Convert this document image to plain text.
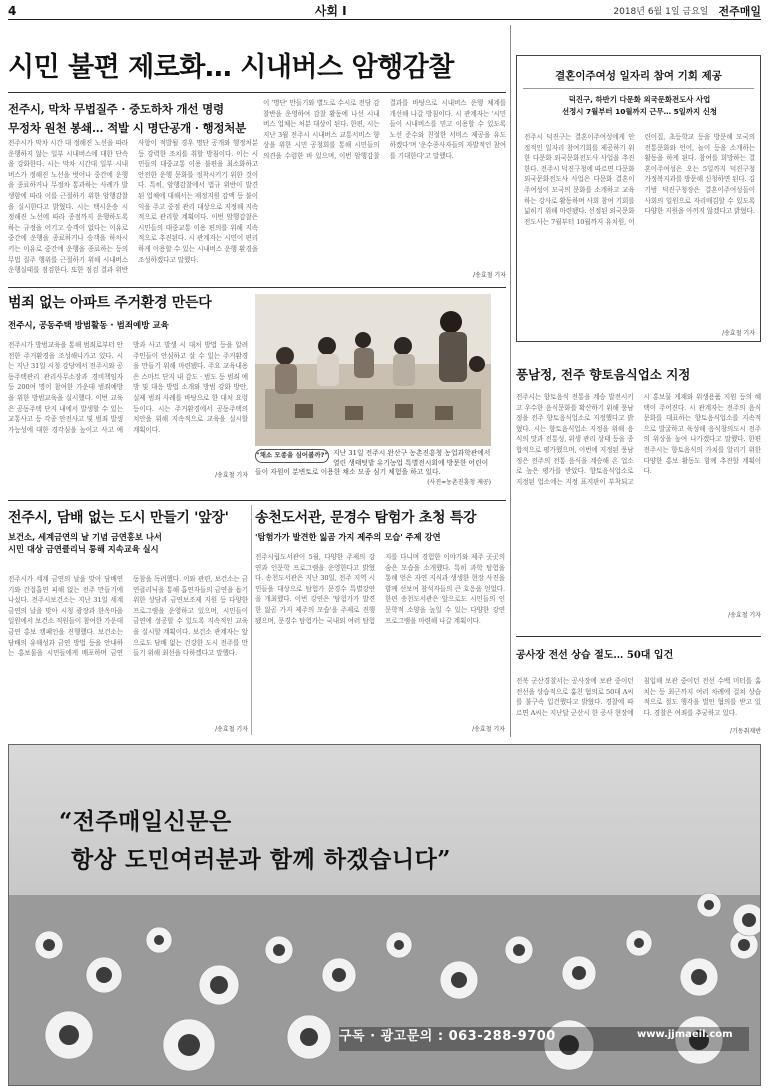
4	사회 Ⅰ	2018년 6월 1일 금요일 전주매일
시민 불편 제로화… 시내버스 암행감찰
전주시, 막차 무법질주 · 중도하차 개선 명령
무정차 원천 봉쇄… 적발 시 명단공개 · 행정처분
전주시가 막차 시간 대 정해진 노선을 따라 운행하지 않는 일부 시내버스에 대한 단속을 강화한다. 시는 막차 시간대 일부 시내버스가 정해진 노선을 벗어나 중간에 운행을 종료하거나 무정차 통과하는 사례가 발생함에 따라 이를 근절하기 위한 암행감찰을 실시한다고 밝혔다. 시는 택시운송 시 정해진 노선에 따라 종점까지 운행하도록 하는 규정을 어기고 승객이 없다는 이유로 중간에 운행을 종료하거나 승객을 하차시키는 이유로 중간에 운행을 종료하는 등의 무법 질주 행위를 근절하기 위해 시내버스 운행실태를 점검한다. 또한 점검 결과 위반 사항이 적발될 경우 명단 공개와 행정처분 등 강력한 조치를 취할 방침이다. 이는 시민들의 대중교통 이용 불편을 최소화하고 안전한 운행 문화를 정착시키기 위한 것이다. 특히, 암행감찰에서 법규 위반이 발견된 업체에 대해서는 재정지원 감액 등 불이익을 주고 중점 관리 대상으로 지정해 지속적으로 관리할 계획이다. 이번 암행감찰은 시민들의 대중교통 이용 편의를 위해 지속적으로 추진된다. 시 관계자는 시민이 편리하게 이용할 수 있는 시내버스 운행 환경을 조성하겠다고 말했다.
이 '명단' 만들기와 별도로 수시로 전담 감찰반을 운영하여 감찰 활동에 나선 시내버스 업체는 처분 대상이 된다. 한편, 시는 지난 3월 전주시 시내버스 교통서비스 향상을 위한 시민 공청회를 통해 시민들의 의견을 수렴한 바 있으며, 이번 암행감찰 결과를 바탕으로 시내버스 운행 체계를 개선해 나갈 방침이다. 시 관계자는 '시민들이 시내버스를 믿고 이용할 수 있도록 노선 준수와 친절한 서비스 제공을 유도하겠다'며 '운수종사자들의 자발적인 참여를 기대한다'고 말했다.
/송효철 기자
범죄 없는 아파트 주거환경 만든다
전주시, 공동주택 방범활동 · 범죄예방 교육
전주시가 방범교육을 통해 범죄로부터 안전한 주거환경을 조성해나가고 있다. 시는 지난 31일 시청 강당에서 전주시와 공동주택관리 관리사무소장과 경비책임자 등 200여 명이 참여한 가운데 범죄예방을 위한 방범교육을 실시했다. 이번 교육은 공동주택 단지 내에서 발생할 수 있는 교통사고 등 각종 안전사고 및 범죄 발생 가능성에 대한 경각심을 높이고 사고 예방과 사고 발생 시 대처 방법 등을 알려 주민들이 안심하고 살 수 있는 주거환경을 만들기 위해 마련됐다. 주요 교육내용은 스마트 단지 내 감도 · 범도 등 범죄 예방 및 대응 방법 소개와 방범 강화 방안, 실제 범죄 사례를 바탕으로 한 대처 요령 등이다. 시는 주거환경에서 공동주택의 치안을 위해 지속적으로 교육을 실시할 계획이다.
/송효철 기자
"채소 모종을 심어볼까?" 지난 31일 전주시 완산구 농촌진흥청 농업과학관에서 열린 생태텃밭 유기농업 특별전시회에 방문한 어린이들이 자원이 분변토로 이용한 채소 모종 심기 체험을 하고 있다.
(사진=농촌진흥청 제공)
전주시, 담배 없는 도시 만들기 '앞장'
보건소, 세계금연의 날 기념 금연홍보 나서
시민 대상 금연클리닉 통해 지속교육 실시
전주시가 세계 금연의 날을 맞아 담배연기와 간접흡연 피해 없는 전주 만들기에 나섰다. 전주시보건소는 지난 31일 세계 금연의 날을 맞아 시청 광장과 한옥마을 일원에서 보건소 직원들이 참여한 가운데 금연 홍보 캠페인을 진행했다. 보건소는 담배의 유해성과 금연 방법 등을 안내하는 홍보물을 시민들에게 배포하며 금연 동참을 독려했다. 이와 관련, 보건소는 금연클리닉을 통해 흡연자들의 금연을 돕기 위한 상담과 금연보조제 지원 등 다양한 프로그램을 운영하고 있으며, 시민들이 금연에 성공할 수 있도록 지속적인 교육을 실시할 계획이다. 보건소 관계자는 앞으로도 담배 없는 건강한 도시 전주를 만들기 위해 최선을 다하겠다고 말했다.
/송효철 기자
송천도서관, 문경수 탐험가 초청 특강
'탐험가가 발견한 잃곰 가지 제주의 모습' 주제 강연
전주시립도서관이 5월, 다양한 주제의 강연과 인문학 프로그램을 운영한다고 밝혔다. 송천도서관은 지난 30일, 전주 지역 시민들을 대상으로 탐험가 문경수 특별강연을 개최했다. 이번 강연은 '탐험가가 발견한 잃곰 가지 제주의 모습'을 주제로 진행됐으며, 문경수 탐험가는 국내외 여러 탐험지를 다니며 경험한 이야기와 제주 곳곳의 숨은 모습을 소개했다. 특히 과학 탐험을 통해 얻은 자연 지식과 생생한 현장 사진을 함께 선보여 참석자들의 큰 호응을 얻었다. 한편 송천도서관은 앞으로도 시민들의 인문학적 소양을 높일 수 있는 다양한 강연 프로그램을 마련해 나갈 계획이다.
/송효철 기자
결혼이주여성 일자리 참여 기회 제공
덕진구, 하반기 다문화 외국문화전도사 사업
선정시 7월부터 10월까지 근무… 5일까지 신청
전주시 덕진구는 결혼이주여성에게 안정적인 일자리 참여기회를 제공하기 위한 다문화 외국문화전도사 사업을 추진한다. 전주시 덕진구청에 따르면 다문화 외국문화전도사 사업은 다문화 결혼이주여성이 모국의 문화를 소개하고 교육하는 강사로 활동하며 사회 참여 기회를 넓히기 위해 마련됐다. 선정된 외국문화전도사는 7월부터 10월까지 유치원, 어린이집, 초등학교 등을 방문해 모국의 전통문화와 언어, 놀이 등을 소개하는 활동을 하게 된다. 참여를 희망하는 결혼이주여성은 오는 5일까지 덕진구청 가정복지과를 방문해 신청하면 된다. 김기범 덕진구청장은 결혼이주여성들이 사회의 일원으로 자리매김할 수 있도록 다양한 지원을 아끼지 않겠다고 밝혔다.
/송효철 기자
풍남정, 전주 향토음식업소 지정
전주시는 향토음식 전통을 계승 발전시키고 우수한 음식문화를 확산하기 위해 풍남정을 전주 향토음식업소로 지정했다고 밝혔다. 시는 향토음식업소 지정을 위해 음식의 맛과 전통성, 위생 관리 상태 등을 종합적으로 평가했으며, 이번에 지정된 풍남정은 전주의 전통 음식을 계승해 온 업소로 높은 평가를 받았다. 향토음식업소로 지정된 업소에는 지정 표지판이 부착되고 시 홍보물 게재와 위생용품 지원 등의 혜택이 주어진다. 시 관계자는 전주의 음식 문화를 대표하는 향토음식업소를 지속적으로 발굴하고 육성해 음식창의도시 전주의 위상을 높여 나가겠다고 말했다. 한편 전주시는 향토음식의 가치를 알리기 위한 다양한 홍보 활동도 함께 추진할 계획이다.
/송효철 기자
공사장 전선 상습 절도… 50대 입건
전북 군산경찰서는 공사장에 보관 중이던 전선을 상습적으로 훔친 혐의로 50대 A씨를 불구속 입건했다고 밝혔다. 경찰에 따르면 A씨는 지난달 군산시 한 공사 현장에 침입해 보관 중이던 전선 수백 미터를 훔치는 등 최근까지 여러 차례에 걸쳐 상습적으로 절도 행각을 벌인 혐의를 받고 있다. 경찰은 여죄를 추궁하고 있다.
/기동취재반
“전주매일신문은
항상 도민여러분과 함께 하겠습니다”
구독 · 광고문의 : 063-288-9700	www.jjmaeil.com
